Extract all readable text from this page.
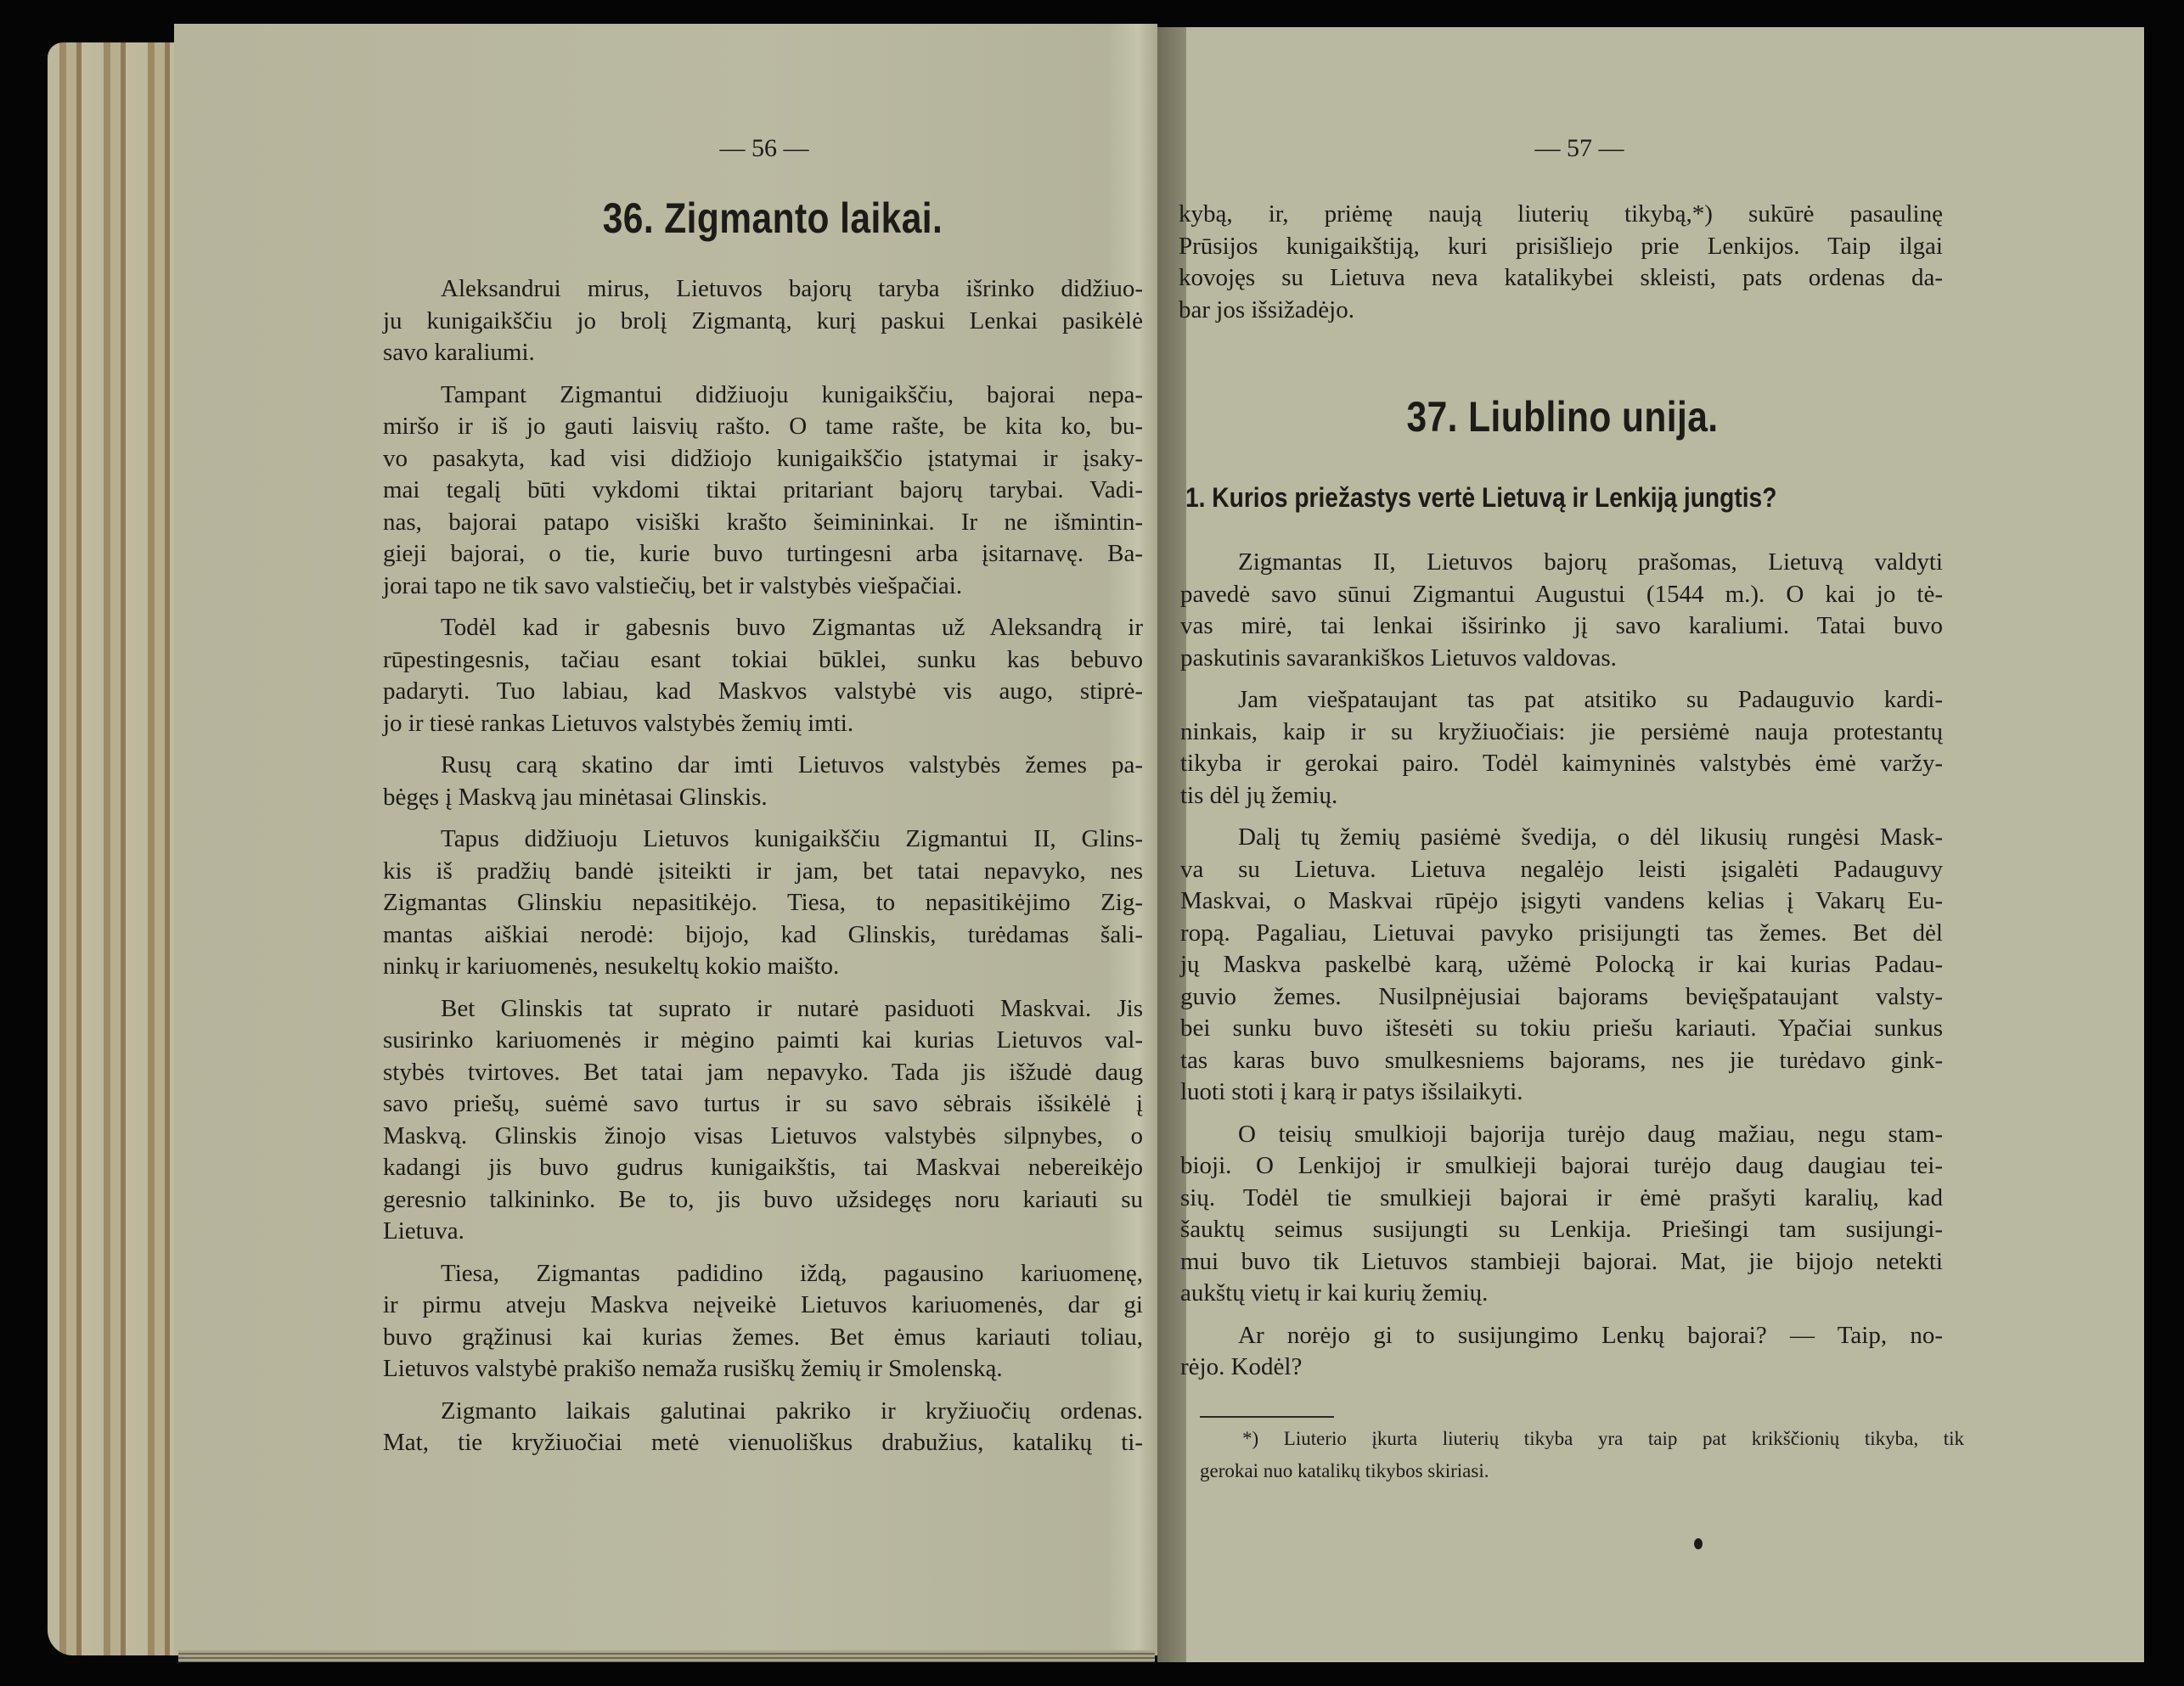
— 56 —
36. Zigmanto laikai.
Aleksandrui mirus, Lietuvos bajorų taryba išrinko didžiuo-
ju kunigaikščiu jo brolį Zigmantą, kurį paskui Lenkai pasikėlė
savo karaliumi.
Tampant Zigmantui didžiuoju kunigaikščiu, bajorai nepa-
miršo ir iš jo gauti laisvių rašto. O tame rašte, be kita ko, bu-
vo pasakyta, kad visi didžiojo kunigaikščio įstatymai ir įsaky-
mai tegalį būti vykdomi tiktai pritariant bajorų tarybai. Vadi-
nas, bajorai patapo visiški krašto šeimininkai. Ir ne išmintin-
gieji bajorai, o tie, kurie buvo turtingesni arba įsitarnavę. Ba-
jorai tapo ne tik savo valstiečių, bet ir valstybės viešpačiai.
Todėl kad ir gabesnis buvo Zigmantas už Aleksandrą ir
rūpestingesnis, tačiau esant tokiai būklei, sunku kas bebuvo
padaryti. Tuo labiau, kad Maskvos valstybė vis augo, stiprė-
jo ir tiesė rankas Lietuvos valstybės žemių imti.
Rusų carą skatino dar imti Lietuvos valstybės žemes pa-
bėgęs į Maskvą jau minėtasai Glinskis.
Tapus didžiuoju Lietuvos kunigaikščiu Zigmantui II, Glins-
kis iš pradžių bandė įsiteikti ir jam, bet tatai nepavyko, nes
Zigmantas Glinskiu nepasitikėjo. Tiesa, to nepasitikėjimo Zig-
mantas aiškiai nerodė: bijojo, kad Glinskis, turėdamas šali-
ninkų ir kariuomenės, nesukeltų kokio maišto.
Bet Glinskis tat suprato ir nutarė pasiduoti Maskvai. Jis
susirinko kariuomenės ir mėgino paimti kai kurias Lietuvos val-
stybės tvirtoves. Bet tatai jam nepavyko. Tada jis išžudė daug
savo priešų, suėmė savo turtus ir su savo sėbrais išsikėlė į
Maskvą. Glinskis žinojo visas Lietuvos valstybės silpnybes, o
kadangi jis buvo gudrus kunigaikštis, tai Maskvai nebereikėjo
geresnio talkininko. Be to, jis buvo užsidegęs noru kariauti su
Lietuva.
Tiesa, Zigmantas padidino iždą, pagausino kariuomenę,
ir pirmu atveju Maskva neįveikė Lietuvos kariuomenės, dar gi
buvo grąžinusi kai kurias žemes. Bet ėmus kariauti toliau,
Lietuvos valstybė prakišo nemaža rusiškų žemių ir Smolenską.
Zigmanto laikais galutinai pakriko ir kryžiuočių ordenas.
Mat, tie kryžiuočiai metė vienuoliškus drabužius, katalikų ti-
— 57 —
kybą, ir, priėmę naują liuterių tikybą,*) sukūrė pasaulinę
Prūsijos kunigaikštiją, kuri prisišliejo prie Lenkijos. Taip ilgai
kovojęs su Lietuva neva katalikybei skleisti, pats ordenas da-
bar jos išsižadėjo.
37. Liublino unija.
1. Kurios priežastys vertė Lietuvą ir Lenkiją jungtis?
Zigmantas II, Lietuvos bajorų prašomas, Lietuvą valdyti
pavedė savo sūnui Zigmantui Augustui (1544 m.). O kai jo tė-
vas mirė, tai lenkai išsirinko jį savo karaliumi. Tatai buvo
paskutinis savarankiškos Lietuvos valdovas.
Jam viešpataujant tas pat atsitiko su Padauguvio kardi-
ninkais, kaip ir su kryžiuočiais: jie persiėmė nauja protestantų
tikyba ir gerokai pairo. Todėl kaimyninės valstybės ėmė varžy-
tis dėl jų žemių.
Dalį tų žemių pasiėmė švedija, o dėl likusių rungėsi Mask-
va su Lietuva. Lietuva negalėjo leisti įsigalėti Padauguvy
Maskvai, o Maskvai rūpėjo įsigyti vandens kelias į Vakarų Eu-
ropą. Pagaliau, Lietuvai pavyko prisijungti tas žemes. Bet dėl
jų Maskva paskelbė karą, užėmė Polocką ir kai kurias Padau-
guvio žemes. Nusilpnėjusiai bajorams bevięšpataujant valsty-
bei sunku buvo ištesėti su tokiu priešu kariauti. Ypačiai sunkus
tas karas buvo smulkesniems bajorams, nes jie turėdavo gink-
luoti stoti į karą ir patys išsilaikyti.
O teisių smulkioji bajorija turėjo daug mažiau, negu stam-
bioji. O Lenkijoj ir smulkieji bajorai turėjo daug daugiau tei-
sių. Todėl tie smulkieji bajorai ir ėmė prašyti karalių, kad
šauktų seimus susijungti su Lenkija. Priešingi tam susijungi-
mui buvo tik Lietuvos stambieji bajorai. Mat, jie bijojo netekti
aukštų vietų ir kai kurių žemių.
Ar norėjo gi to susijungimo Lenkų bajorai? — Taip, no-
rėjo. Kodėl?
*) Liuterio įkurta liuterių tikyba yra taip pat krikščionių tikyba, tik
gerokai nuo katalikų tikybos skiriasi.
